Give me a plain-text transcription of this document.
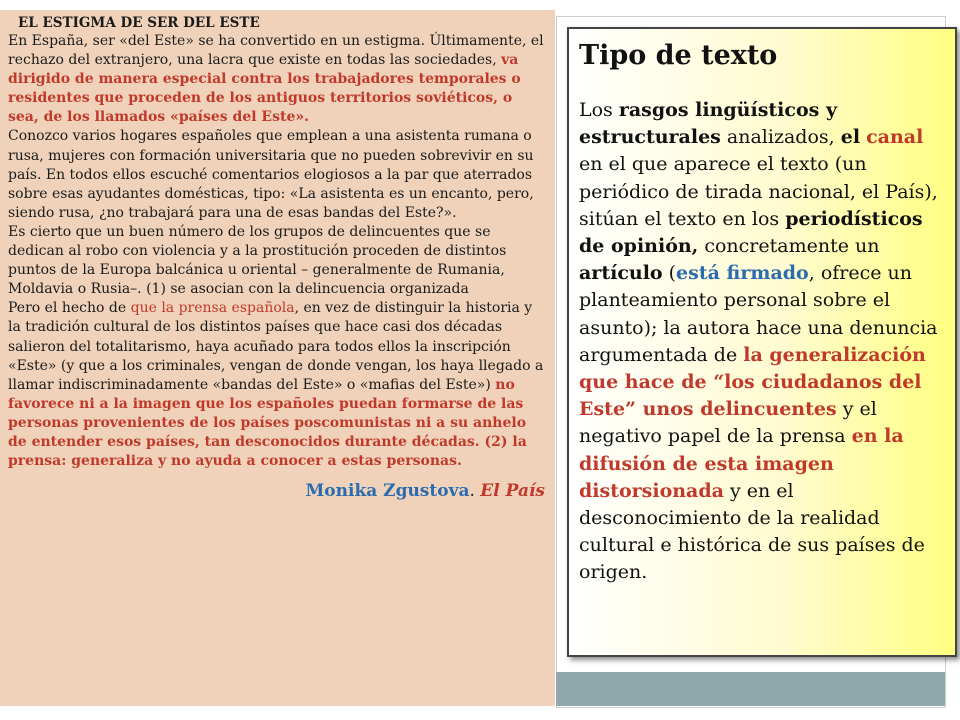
EL ESTIGMA DE SER DEL ESTE

En España, ser «del Este» se ha convertido en un estigma. Últimamente, el rechazo del extranjero, una lacra que existe en todas las sociedades, va dirigido de manera especial contra los trabajadores temporales o residentes que proceden de los antiguos territorios soviéticos, o sea, de los llamados «países del Este».

Conozco varios hogares españoles que emplean a una asistenta rumana o rusa, mujeres con formación universitaria que no pueden sobrevivir en su país. En todos ellos escuché comentarios elogiosos a la par que aterrados sobre esas ayudantes domésticas, tipo: «La asistenta es un encanto, pero, siendo rusa, ¿no trabajará para una de esas bandas del Este?».

Es cierto que un buen número de los grupos de delincuentes que se dedican al robo con violencia y a la prostitución proceden de distintos puntos de la Europa balcánica u oriental – generalmente de Rumania, Moldavia o Rusia–. (1) se asocian con la delincuencia organizada

Pero el hecho de que la prensa española, en vez de distinguir la historia y la tradición cultural de los distintos países que hace casi dos décadas salieron del totalitarismo, haya acuñado para todos ellos la inscripción «Este» (y que a los criminales, vengan de donde vengan, los haya llegado a llamar indiscriminadamente «bandas del Este» o «mafias del Este») no favorece ni a la imagen que los españoles puedan formarse de las personas provenientes de los países poscomunistas ni a su anhelo de entender esos países, tan desconocidos durante décadas. (2) la prensa: generaliza y no ayuda a conocer a estas personas.

Monika Zgustova. El País
Tipo de texto

Los rasgos lingüísticos y estructurales analizados, el canal en el que aparece el texto (un periódico de tirada nacional, el País), sitúan el texto en los periodísticos de opinión, concretamente un artículo (está firmado, ofrece un planteamiento personal sobre el asunto); la autora hace una denuncia argumentada de la generalización que hace de “los ciudadanos del Este” unos delincuentes y el negativo papel de la prensa en la difusión de esta imagen distorsionada y en el desconocimiento de la realidad cultural e histórica de sus países de origen.
